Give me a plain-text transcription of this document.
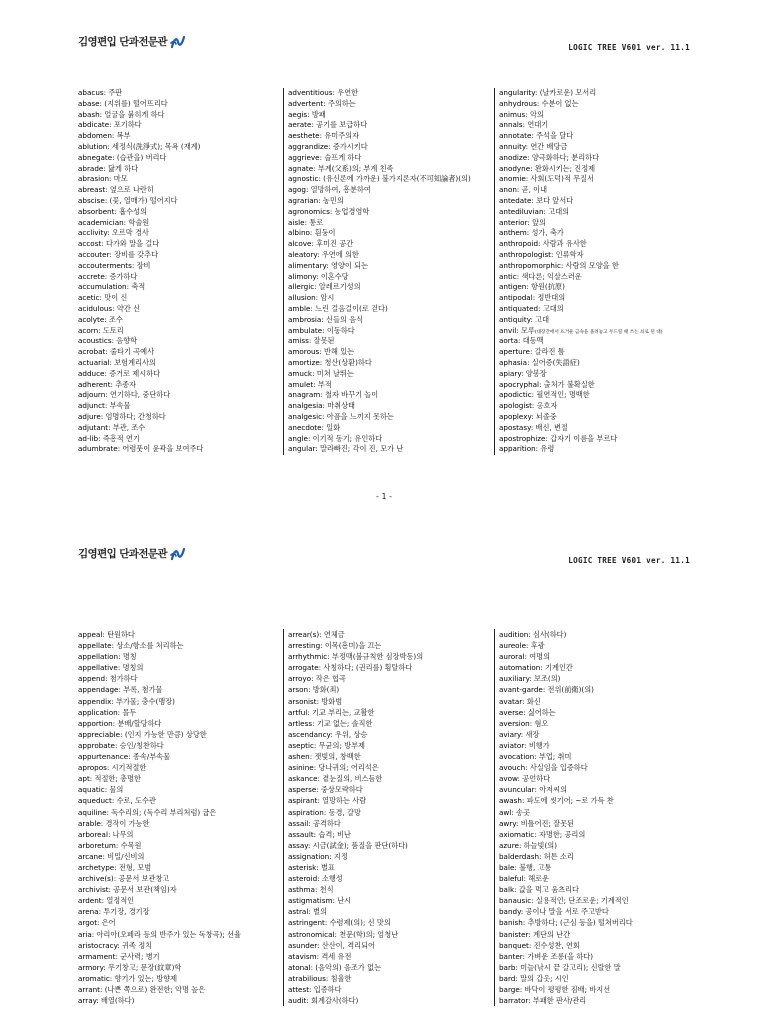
김영편입 단과전문관	LOGIC TREE V601 ver. 11.1
abacus: 주판
abase: (지위를) 떨어뜨리다
abash: 얼굴을 붉히게 하다
abdicate: 포기하다
abdomen: 복부
ablution: 세정식(洗淨式); 목욕 (재계)
abnegate: (습관을) 버리다
abrade: 닳게 하다
abrasion: 마모
abreast: 옆으로 나란히
abscise: (꽃, 열매가) 떨어지다
absorbent: 흡수성의
academician: 학술원
acclivity: 오르막 경사
accost: 다가와 말을 걸다
accouter: 장비를 갖추다
accouterments: 장비
accrete: 증가하다
accumulation: 축적
acetic: 맛이 신
acidulous: 약간 신
acolyte: 조수
acorn: 도토리
acoustics: 음향학
acrobat: 줄타기 곡예사
actuarial: 보험계리사의
adduce: 증거로 제시하다
adherent: 추종자
adjourn: 연기하다, 중단하다
adjunct: 부속물
adjure: 엄명하다; 간청하다
adjutant: 부관, 조수
ad-lib: 즉흥적 연기
adumbrate: 어렴풋이 윤곽을 보여주다
adventitious: 우연한
advertent: 주의하는
aegis: 방패
aerate: 공기를 보급하다
aesthete: 유미주의자
aggrandize: 증가시키다
aggrieve: 슬프게 하다
agnate: 부계(父系)의; 부계 친족
agnostic: (유신론에 가까운) 불가지론자(不可知論者)(의)
agog: 열망하여, 흥분하여
agrarian: 농민의
agronomics: 농업경영학
aisle: 통로
albino: 흰둥이
alcove: 후미진 공간
aleatory: 우연에 의한
alimentary: 영양이 되는
alimony: 이혼수당
allergic: 알레르기성의
allusion: 암시
amble: 느린 걸음걸이(로 걷다)
ambrosia: 신들의 음식
ambulate: 이동하다
amiss: 잘못된
amorous: 반해 있는
amortize: 청산(상환)하다
amuck: 미쳐 날뛰는
amulet: 부적
anagram: 철자 바꾸기 놀이
analgesia: 마취상태
analgesic: 아픔을 느끼지 못하는
anecdote: 일화
angle: 이기적 동기; 유인하다
angular: 말라빠진; 각이 진, 모가 난
angularity: (날카로운) 모서리
anhydrous: 수분이 없는
animus: 악의
annals: 연대기
annotate: 주석을 달다
annuity: 연간 배당금
anodize: 양극화하다; 분리하다
anodyne: 완화시키는; 진정제
anomie: 사회(도덕)적 무질서
anon: 곧, 이내
antedate: 보다 앞서다
antediluvian: 고대의
anterior: 앞의
anthem: 성가, 축가
anthropoid: 사람과 유사한
anthropologist: 인류학자
anthropomorphic: 사람의 모양을 한
antic: 색다른; 익살스러운
antigen: 항원(抗原)
antipodal: 정반대의
antiquated: 고대의
antiquity: 고대
anvil: 모루(대장간에서 뜨거운 금속을 올려놓고 두드릴 때 쓰는 쇠로 된 대)
aorta: 대동맥
aperture: 갈라진 틈
aphasia: 실어증(失語症)
apiary: 양봉장
apocryphal: 출처가 불확실한
apodictic: 필연적인; 명백한
apologist: 옹호자
apoplexy: 뇌졸중
apostasy: 배신, 변절
apostrophize: 갑자기 이름을 부르다
apparition: 유령
- 1 -
김영편입 단과전문관
LOGIC TREE V601 ver. 11.1
appeal: 탄원하다
appellate: 상소/항소를 처리하는
appellation: 명칭
appellative: 명칭의
append: 첨가하다
appendage: 부록, 첨가물
appendix: 부가물; 충수(맹장)
application: 몰두
apportion: 분배/할당하다
appreciable: (인지 가능한 만큼) 상당한
approbate: 승인/칭찬하다
appurtenance: 종속/부속물
apropos: 시기적절한
apt: 적절한; 총명한
aquatic: 물의
aqueduct: 수로, 도수관
aquiline: 독수리의; (독수리 부리처럼) 굽은
arable: 경작이 가능한
arboreal: 나무의
arboretum: 수목원
arcane: 비밀/신비의
archetype: 전형, 모범
archive(s): 공문서 보관창고
archivist: 공문서 보관(책임)자
ardent: 열정적인
arena: 투기장, 경기장
argot: 은어
aria: 아리아(오페라 등의 반주가 있는 독창곡); 선율
aristocracy: 귀족 정치
armament: 군사력; 병기
armory: 무기창고; 문장(紋章)학
aromatic: 향기가 있는; 방향제
arrant: (나쁜 쪽으로) 완전한; 악명 높은
array: 배열(하다)
arrear(s): 연체금
arresting: 이목(흥미)을 끄는
arrhythmic: 부정맥(불규칙한 심장박동)의
arrogate: 사칭하다; (권리를) 횡탈하다
arroyo: 작은 협곡
arson: 방화(죄)
arsonist: 방화범
artful: 기교 부리는, 교활한
artless: 기교 없는; 솔직한
ascendancy: 우위, 상승
aseptic: 무균의; 방부제
ashen: 잿빛의, 창백한
asinine: 당나귀의; 어리석은
askance: 곁눈질의, 비스듬한
asperse: 중상모략하다
aspirant: 열망하는 사람
aspiration: 동경, 갈망
assail: 공격하다
assault: 습격; 비난
assay: 시금(試金); 품질을 판단(하다)
assignation: 지정
asterisk: 별표
asteroid: 소행성
asthma: 천식
astigmatism: 난시
astral: 별의
astringent: 수렴제(의); 신 맛의
astronomical: 천문(학)의; 엄청난
asunder: 산산이, 격리되어
atavism: 격세 유전
atonal: (음악의) 음조가 없는
atrabilious: 침울한
attest: 입증하다
audit: 회계감사(하다)
audition: 심사(하다)
aureole: 후광
auroral: 여명의
automation: 기계인간
auxiliary: 보조(의)
avant-garde: 전위(前衛)(의)
avatar: 화신
averse: 싫어하는
aversion: 혐오
aviary: 새장
aviator: 비행가
avocation: 부업; 취미
avouch: 사실임을 입증하다
avow: 공언하다
avuncular: 아저씨의
awash: 파도에 씻기어; ~로 가득 찬
awl: 송곳
awry: 비틀어진; 잘못된
axiomatic: 자명한; 공리의
azure: 하늘빛(의)
balderdash: 허튼 소리
bale: 불행, 고통
baleful: 해로운
balk: 값을 먹고 움츠리다
banausic: 실용적인; 단조로운; 기계적인
bandy: 공이나 말을 서로 주고받다
banish: 추방하다; (근심 등을) 떨쳐버리다
banister: 계단의 난간
banquet: 진수성찬, 연회
banter: 가벼운 조롱(을 하다)
barb: 미늘(낚시 끝 갈고리); 신랄한 말
bard: 말의 갑옷; 시인
barge: 바닥이 평평한 짐배; 바지선
barrator: 부패한 판사/관리
